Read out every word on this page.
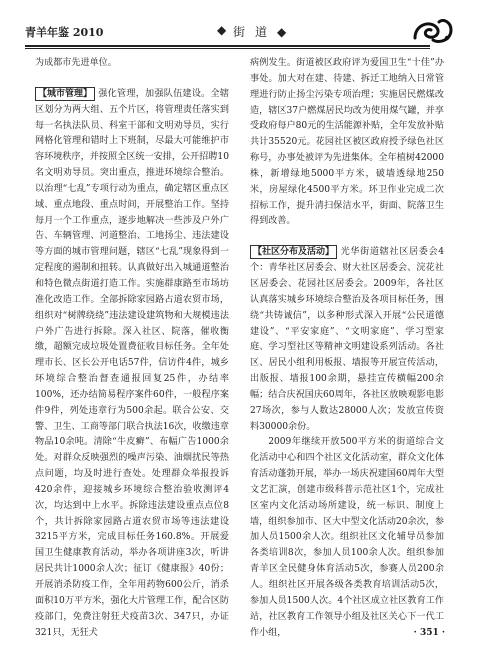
青羊年鉴 2010	◆ 街道◆

为成都市先进单位。

【城市管理】 强化管理，加强队伍建设。全辖区划分为两大组、五个片区，将管理责任落实到每一名执法队员、科室干部和文明劝导员，实行网格化管理和错时上下班制，尽最大可能维护市容环境秩序，并按照全区统一安排，公开招聘10名文明劝导员。突出重点，推进环境综合整治。以治理“七乱”专项行动为重点，确定辖区重点区域、重点地段、重点时间，开展整治工作。坚持每月一个工作重点，逐步地解决一些涉及户外广告、车辆管理、河道整治、工地扬尘、违法建设等方面的城市管理问题，辖区“七乱”现象得到一定程度的遏制和扭转。认真做好出入城通道整治和特色微点街道打造工作。实施群康路至市场坊准化改造工作。全部拆除家园路占道农贸市场，组织对“树牌绕绕”违法建设建筑物和大规模违法户外广告进行拆除。深入社区、院落，催收衡缴，超额完成垃圾处置费征收目标任务。全年处理市长、区长公开电话57件，信访件4件，城乡环境综合整治督查通报回复25件，办结率100%，还办结简易程序案件60件，一般程序案件9件，列处违章行为500余起。联合公安、交警、卫生、工商等部门联合执法16次，收缴违章物品10余吨。清除“牛皮癣”、布幅广告1000余处。对群众反映强烈的噪声污染、油烟扰民等热点问题，均及时进行查处。处理群众举报投诉420余件，迎接城乡环境综合整治验收测评4次，均达到中上水平。拆除违法建设重点点位8个，共计拆除家园路占道农贸市场等违法建设3215平方米，完成目标任务160.8%。开展爱国卫生健康教育活动，举办各项讲座3次，听讲居民共计1000余人次；征订《健康报》40份；开展消杀防疫工作，全年用药物600公斤，消杀面积10万平方米，强化大片管理工作，配合区防疫部门，免费注射狂犬疫苗3次、347只，办证321只，无狂犬

病例发生。街道被区政府评为爱国卫生“十佳”办事处。加大对在建、待建、拆迁工地纳入日常管理进行防止扬尘污染专项治理；实施居民燃煤改造，辖区37户燃煤居民均改为使用煤气罐，并享受政府每户80元的生活能源补贴，全年发放补贴共计35520元。花园社区被区政府授予绿色社区称号，办事处被评为先进集体。全年植树42000株，新增绿地5000平方米，破墙透绿地250米，房屋绿化4500平方米。环卫作业完成二次招标工作，提升清扫保洁水平，街面、院落卫生得到改善。

【社区分布及活动】 光华街道辖社区居委会4个：青华社区居委会、财大社区居委会、浣花社区居委会、花园社区居委会。2009年，各社区认真落实城乡环境综合整治及各项目标任务，围绕“共铸诚信”，以多种形式深入开展“公民道德建设”、“平安家庭”、“文明家庭”、学习型家庭、学习型社区等精神文明建设系列活动。各社区、居民小组利用板报、墙报等开展宣传活动，出版报、墙报100余期，悬挂宣传横幅200余幅；结合庆祝国庆60周年，各社区放映观影电影27场次，参与人数达28000人次；发放宣传资料30000余份。

2009年继续开放500平方米的街道综合文化活动中心和四个社区文化活动室，群众文化体育活动蓬勃开展，举办一场庆祝建国60周年大型文艺汇演，创建市级科普示范社区1个，完成社区室内文化活动场所建设，统一标识、制度上墙，组织参加市、区大中型文化活动20余次，参加人员1500余人次。组织社区文化辅导员参加各类培训8次，参加人员100余人次。组织参加青羊区全民健身体育活动5次，参赛人员200余人。组织社区开展各级各类教育培训活动5次，参加人员1500人次。4个社区成立社区教育工作站，社区教育工作领导小组及社区关心下一代工作小组，	· 351 ·
